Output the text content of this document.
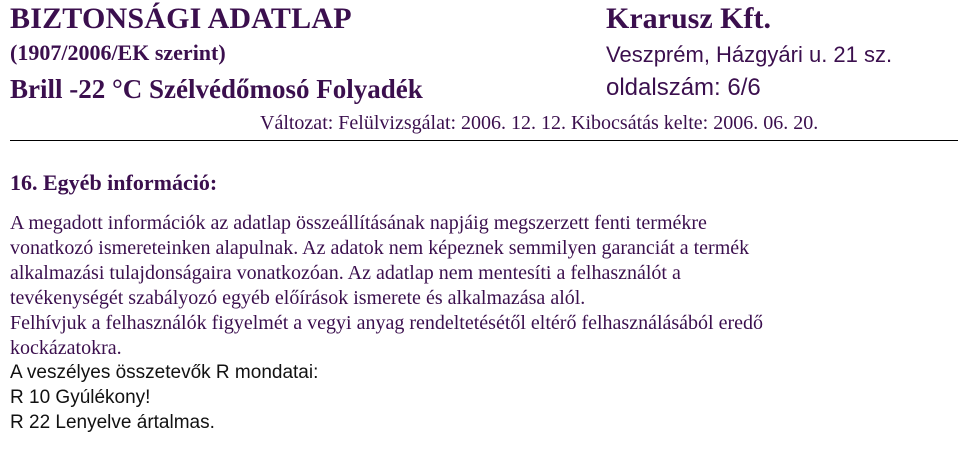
BIZTONSÁGI ADATLAP	Krarusz Kft.
(1907/2006/EK szerint)	Veszprém, Házgyári u. 21 sz.
Brill -22 °C Szélvédőmosó Folyadék	oldalszám: 6/6
Változat: Felülvizsgálat: 2006. 12. 12. Kibocsátás kelte: 2006. 06. 20.
16. Egyéb információ:
A megadott információk az adatlap összeállításának napjáig megszerzett fenti termékre
vonatkozó ismereteinken alapulnak. Az adatok nem képeznek semmilyen garanciát a termék
alkalmazási tulajdonságaira vonatkozóan. Az adatlap nem mentesíti a felhasználót a
tevékenységét szabályozó egyéb előírások ismerete és alkalmazása alól.
Felhívjuk a felhasználók figyelmét a vegyi anyag rendeltetésétől eltérő felhasználásából eredő
kockázatokra.
A veszélyes összetevők R mondatai:
R 10 Gyúlékony!
R 22 Lenyelve ártalmas.
